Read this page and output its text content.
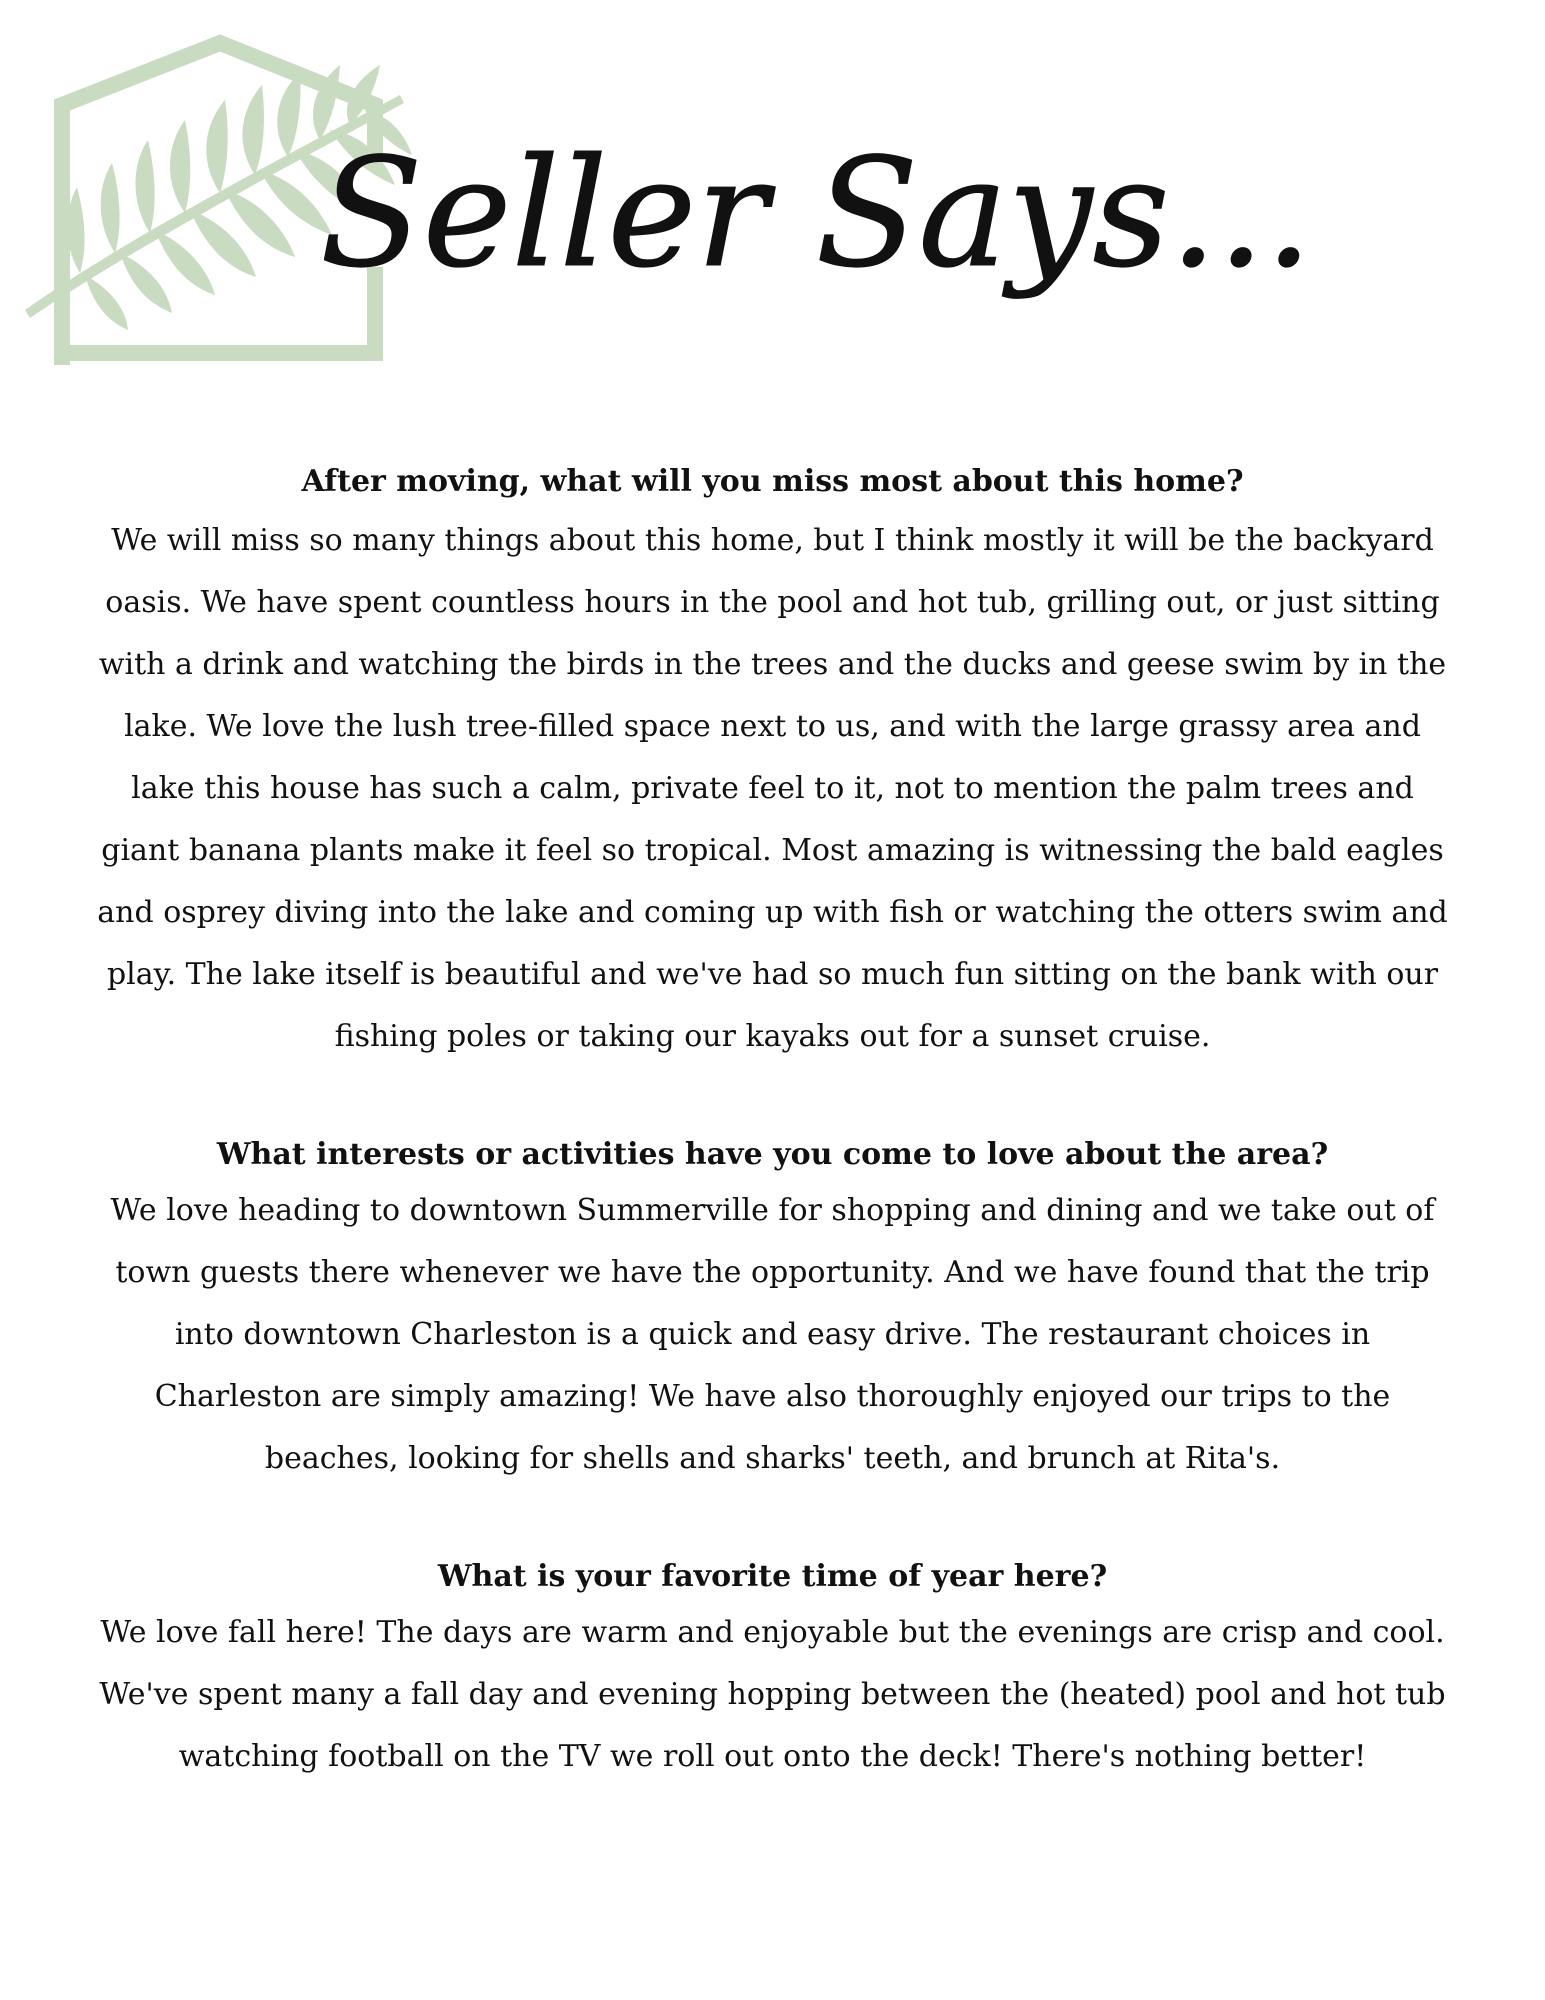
Seller Says...

After moving, what will you miss most about this home?

We will miss so many things about this home, but I think mostly it will be the backyard oasis. We have spent countless hours in the pool and hot tub, grilling out, or just sitting with a drink and watching the birds in the trees and the ducks and geese swim by in the lake. We love the lush tree-filled space next to us, and with the large grassy area and lake this house has such a calm, private feel to it, not to mention the palm trees and giant banana plants make it feel so tropical. Most amazing is witnessing the bald eagles and osprey diving into the lake and coming up with fish or watching the otters swim and play. The lake itself is beautiful and we've had so much fun sitting on the bank with our fishing poles or taking our kayaks out for a sunset cruise.

What interests or activities have you come to love about the area?

We love heading to downtown Summerville for shopping and dining and we take out of town guests there whenever we have the opportunity. And we have found that the trip into downtown Charleston is a quick and easy drive. The restaurant choices in Charleston are simply amazing! We have also thoroughly enjoyed our trips to the beaches, looking for shells and sharks' teeth, and brunch at Rita's.

What is your favorite time of year here?

We love fall here! The days are warm and enjoyable but the evenings are crisp and cool. We've spent many a fall day and evening hopping between the (heated) pool and hot tub watching football on the TV we roll out onto the deck! There's nothing better!
